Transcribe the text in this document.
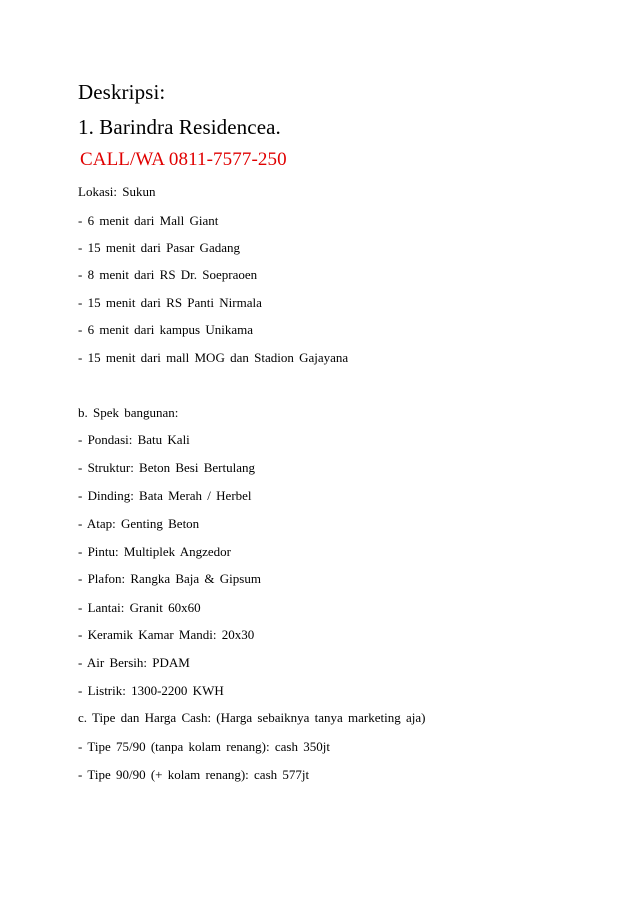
Deskripsi:
1. Barindra Residencea.
CALL/WA 0811-7577-250
Lokasi: Sukun
- 6 menit dari Mall Giant
- 15 menit dari Pasar Gadang
- 8 menit dari RS Dr. Soepraoen
- 15 menit dari RS Panti Nirmala
- 6 menit dari kampus Unikama
- 15 menit dari mall MOG dan Stadion Gajayana
b. Spek bangunan:
- Pondasi: Batu Kali
- Struktur: Beton Besi Bertulang
- Dinding: Bata Merah / Herbel
- Atap: Genting Beton
- Pintu: Multiplek Angzedor
- Plafon: Rangka Baja & Gipsum
- Lantai: Granit 60x60
- Keramik Kamar Mandi: 20x30
- Air Bersih: PDAM
- Listrik: 1300-2200 KWH
c. Tipe dan Harga Cash: (Harga sebaiknya tanya marketing aja)
- Tipe 75/90 (tanpa kolam renang): cash 350jt
- Tipe 90/90 (+ kolam renang): cash 577jt
